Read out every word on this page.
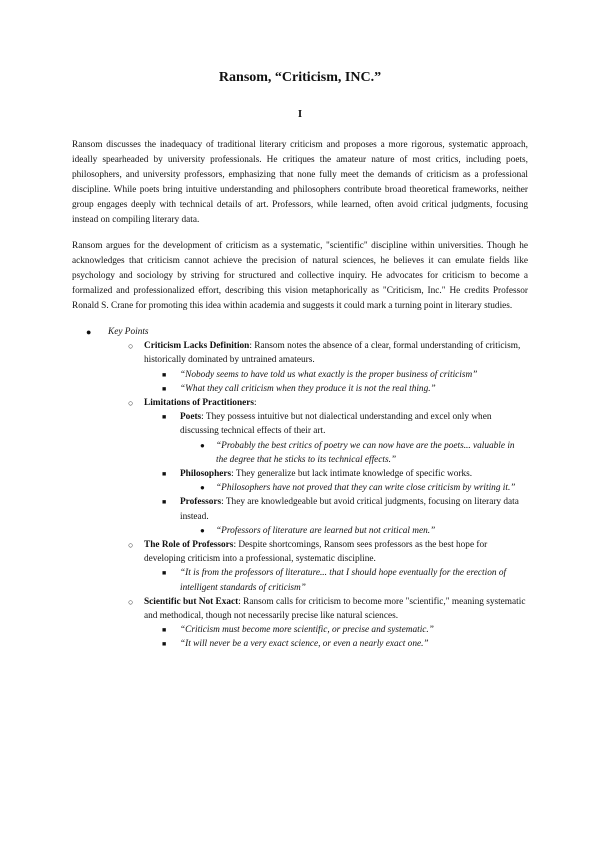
Ransom, “Criticism, INC.”
I

Ransom discusses the inadequacy of traditional literary criticism and proposes a more rigorous, systematic approach, ideally spearheaded by university professionals. He critiques the amateur nature of most critics, including poets, philosophers, and university professors, emphasizing that none fully meet the demands of criticism as a professional discipline. While poets bring intuitive understanding and philosophers contribute broad theoretical frameworks, neither group engages deeply with technical details of art. Professors, while learned, often avoid critical judgments, focusing instead on compiling literary data.

Ransom argues for the development of criticism as a systematic, "scientific" discipline within universities. Though he acknowledges that criticism cannot achieve the precision of natural sciences, he believes it can emulate fields like psychology and sociology by striving for structured and collective inquiry. He advocates for criticism to become a formalized and professionalized effort, describing this vision metaphorically as "Criticism, Inc." He credits Professor Ronald S. Crane for promoting this idea within academia and suggests it could mark a turning point in literary studies.

● Key Points
○ Criticism Lacks Definition: Ransom notes the absence of a clear, formal understanding of criticism, historically dominated by untrained amateurs.
■ “Nobody seems to have told us what exactly is the proper business of criticism”
■ “What they call criticism when they produce it is not the real thing.”
○ Limitations of Practitioners:
■ Poets: They possess intuitive but not dialectical understanding and excel only when discussing technical effects of their art.
● “Probably the best critics of poetry we can now have are the poets... valuable in the degree that he sticks to its technical effects.”
■ Philosophers: They generalize but lack intimate knowledge of specific works.
● “Philosophers have not proved that they can write close criticism by writing it.”
■ Professors: They are knowledgeable but avoid critical judgments, focusing on literary data instead.
● “Professors of literature are learned but not critical men.”
○ The Role of Professors: Despite shortcomings, Ransom sees professors as the best hope for developing criticism into a professional, systematic discipline.
■ “It is from the professors of literature... that I should hope eventually for the erection of intelligent standards of criticism”
○ Scientific but Not Exact: Ransom calls for criticism to become more "scientific," meaning systematic and methodical, though not necessarily precise like natural sciences.
■ “Criticism must become more scientific, or precise and systematic.”
■ “It will never be a very exact science, or even a nearly exact one.”
